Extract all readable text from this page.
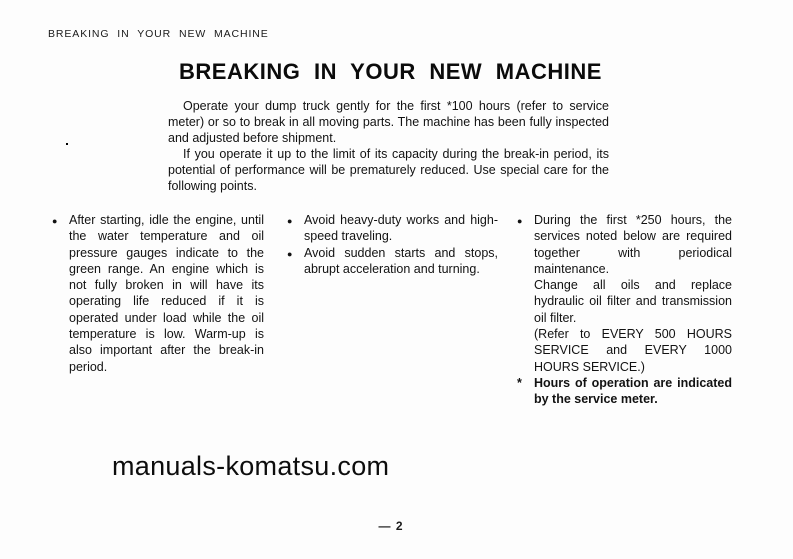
BREAKING IN YOUR NEW MACHINE
BREAKING IN YOUR NEW MACHINE

Operate your dump truck gently for the first *100 hours (refer to service meter) or so to break in all moving parts. The machine has been fully inspected and adjusted before shipment.

If you operate it up to the limit of its capacity during the break-in period, its potential of performance will be prematurely reduced. Use special care for the following points.

● After starting, idle the engine, until the water temperature and oil pressure gauges indicate to the green range. An engine which is not fully broken in will have its operating life reduced if it is operated under load while the oil temperature is low. Warm-up is also important after the break-in period.
● Avoid heavy-duty works and high-speed traveling.
● Avoid sudden starts and stops, abrupt acceleration and turning.
● During the first *250 hours, the services noted below are required together with periodical maintenance.
Change all oils and replace hydraulic oil filter and transmission oil filter.
(Refer to EVERY 500 HOURS SERVICE and EVERY 1000 HOURS SERVICE.)
* Hours of operation are indicated by the service meter.
manuals-komatsu.com
— 2
